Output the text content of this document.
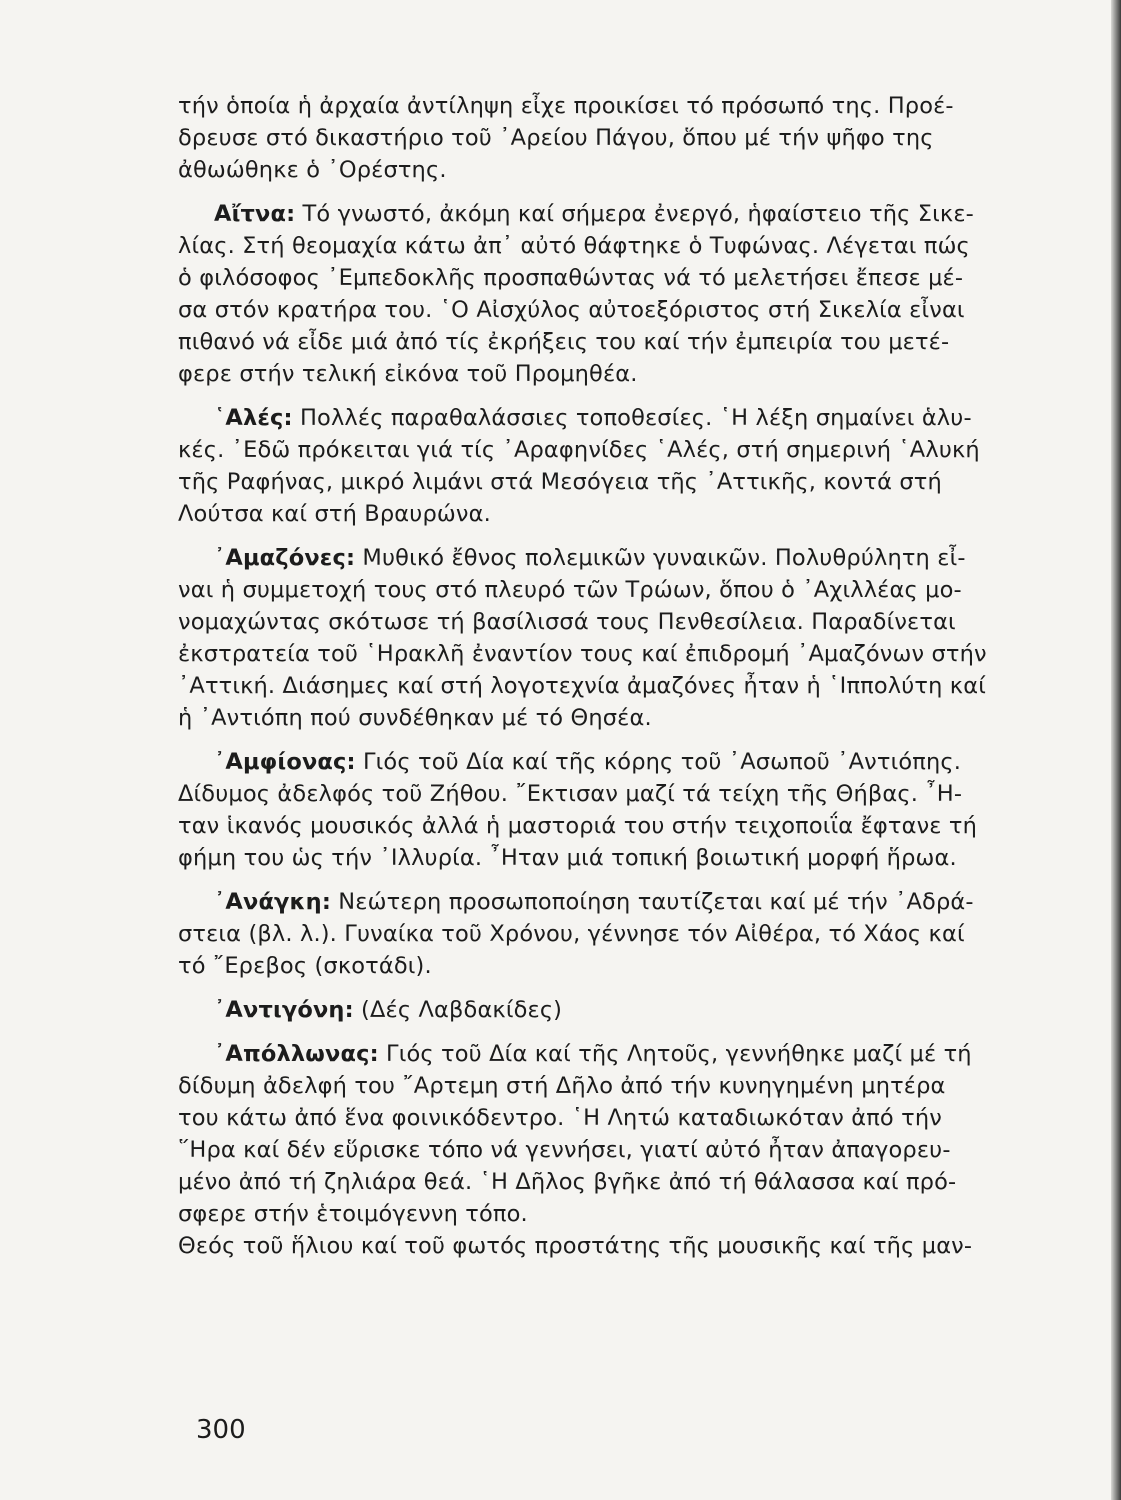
τήν ὁποία ἡ ἀρχαία ἀντίληψη εἶχε προικίσει τό πρόσωπό της. Προέ-
δρευσε στό δικαστήριο τοῦ ᾿Αρείου Πάγου, ὅπου μέ τήν ψῆφο της
ἀθωώθηκε ὁ ᾿Ορέστης.
Αἴτνα: Τό γνωστό, ἀκόμη καί σήμερα ἐνεργό, ἡφαίστειο τῆς Σικε-
λίας. Στή θεομαχία κάτω ἀπ᾿ αὐτό θάφτηκε ὁ Τυφώνας. Λέγεται πώς
ὁ φιλόσοφος ᾿Εμπεδοκλῆς προσπαθώντας νά τό μελετήσει ἔπεσε μέ-
σα στόν κρατήρα του. ῾Ο Αἰσχύλος αὐτοεξόριστος στή Σικελία εἶναι
πιθανό νά εἶδε μιά ἀπό τίς ἐκρήξεις του καί τήν ἐμπειρία του μετέ-
φερε στήν τελική εἰκόνα τοῦ Προμηθέα.
῾Αλές: Πολλές παραθαλάσσιες τοποθεσίες. ῾Η λέξη σημαίνει ἁλυ-
κές. ᾿Εδῶ πρόκειται γιά τίς ᾿Αραφηνίδες ῾Αλές, στή σημερινή ῾Αλυκή
τῆς Ραφήνας, μικρό λιμάνι στά Μεσόγεια τῆς ᾿Αττικῆς, κοντά στή
Λούτσα καί στή Βραυρώνα.
᾿Αμαζόνες: Μυθικό ἔθνος πολεμικῶν γυναικῶν. Πολυθρύλητη εἶ-
ναι ἡ συμμετοχή τους στό πλευρό τῶν Τρώων, ὅπου ὁ ᾿Αχιλλέας μο-
νομαχώντας σκότωσε τή βασίλισσά τους Πενθεσίλεια. Παραδίνεται
ἐκστρατεία τοῦ ῾Ηρακλῆ ἐναντίον τους καί ἐπιδρομή ᾿Αμαζόνων στήν
᾿Αττική. Διάσημες καί στή λογοτεχνία ἀμαζόνες ἦταν ἡ ῾Ιππολύτη καί
ἡ ᾿Αντιόπη πού συνδέθηκαν μέ τό Θησέα.
᾿Αμφίονας: Γιός τοῦ Δία καί τῆς κόρης τοῦ ᾿Ασωποῦ ᾿Αντιόπης.
Δίδυμος ἀδελφός τοῦ Ζήθου. ῎Εκτισαν μαζί τά τείχη τῆς Θήβας. ῏Η-
ταν ἱκανός μουσικός ἀλλά ἡ μαστοριά του στήν τειχοποιΐα ἔφτανε τή
φήμη του ὡς τήν ᾿Ιλλυρία. ῏Ηταν μιά τοπική βοιωτική μορφή ἥρωα.
᾿Ανάγκη: Νεώτερη προσωποποίηση ταυτίζεται καί μέ τήν ᾿Αδρά-
στεια (βλ. λ.). Γυναίκα τοῦ Χρόνου, γέννησε τόν Αἰθέρα, τό Χάος καί
τό ῎Ερεβος (σκοτάδι).
᾿Αντιγόνη: (Δές Λαβδακίδες)
᾿Απόλλωνας: Γιός τοῦ Δία καί τῆς Λητοῦς, γεννήθηκε μαζί μέ τή
δίδυμη ἀδελφή του ῎Αρτεμη στή Δῆλο ἀπό τήν κυνηγημένη μητέρα
του κάτω ἀπό ἕνα φοινικόδεντρο. ῾Η Λητώ καταδιωκόταν ἀπό τήν
῞Ηρα καί δέν εὕρισκε τόπο νά γεννήσει, γιατί αὐτό ἦταν ἀπαγορευ-
μένο ἀπό τή ζηλιάρα θεά. ῾Η Δῆλος βγῆκε ἀπό τή θάλασσα καί πρό-
σφερε στήν ἑτοιμόγεννη τόπο.
Θεός τοῦ ἥλιου καί τοῦ φωτός προστάτης τῆς μουσικῆς καί τῆς μαν-
300
